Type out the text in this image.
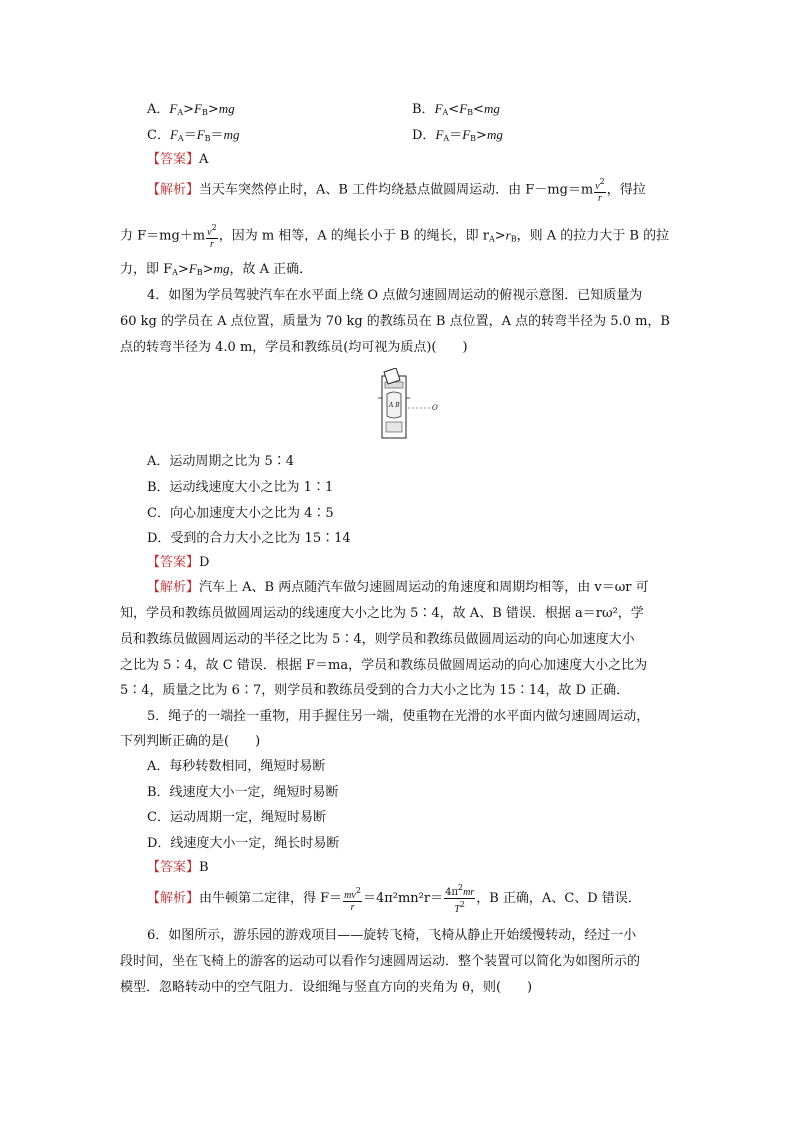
A．$F_A>F_B>mg$	B．$F_A<F_B<mg$
C．$F_A=F_B=mg$	D．$F_A=F_B>mg$
【答案】A
【解析】当天车突然停止时，A、B 工件均绕悬点做圆周运动．由 $F-mg=m \frac{v^2}{r}$ ，得拉
力 $F=mg+m \frac{v^2}{r}$ ，因为 m 相等，A 的绳长小于 B 的绳长，即 $r_A>r_B$，则 A 的拉力大于 B 的拉
力，即 $F_A>F_B>mg$，故 A 正确．
4．如图为学员驾驶汽车在水平面上绕 O 点做匀速圆周运动的俯视示意图．已知质量为
60 kg 的学员在 A 点位置，质量为 70 kg 的教练员在 B 点位置，A 点的转弯半径为 5.0 m，B
点的转弯半径为 4.0 m，学员和教练员(均可视为质点)(　　)
A B	O
A．运动周期之比为 5∶4
B．运动线速度大小之比为 1∶1
C．向心加速度大小之比为 4∶5
D．受到的合力大小之比为 15∶14
【答案】D
【解析】汽车上 A、B 两点随汽车做匀速圆周运动的角速度和周期均相等，由 v＝ωr 可
知，学员和教练员做圆周运动的线速度大小之比为 5∶4，故 A、B 错误．根据 a＝rω²，学
员和教练员做圆周运动的半径之比为 5∶4，则学员和教练员做圆周运动的向心加速度大小
之比为 5∶4，故 C 错误．根据 F＝ma，学员和教练员做圆周运动的向心加速度大小之比为
5∶4，质量之比为 6∶7，则学员和教练员受到的合力大小之比为 15∶14，故 D 正确．
5．绳子的一端拴一重物，用手握住另一端，使重物在光滑的水平面内做匀速圆周运动，
下列判断正确的是(　　)
A．每秒转数相同，绳短时易断
B．线速度大小一定，绳短时易断
C．运动周期一定，绳短时易断
D．线速度大小一定，绳长时易断
【答案】B
【解析】由牛顿第二定律，得 $F= \frac{mv^2}{r} =4\pi^2mn^2r= \frac{4\pi^2mr}{T^2}$ ，B 正确，A、C、D 错误．
6．如图所示，游乐园的游戏项目——旋转飞椅，飞椅从静止开始缓慢转动，经过一小
段时间，坐在飞椅上的游客的运动可以看作匀速圆周运动．整个装置可以简化为如图所示的
模型．忽略转动中的空气阻力．设细绳与竖直方向的夹角为 θ，则(　　)
